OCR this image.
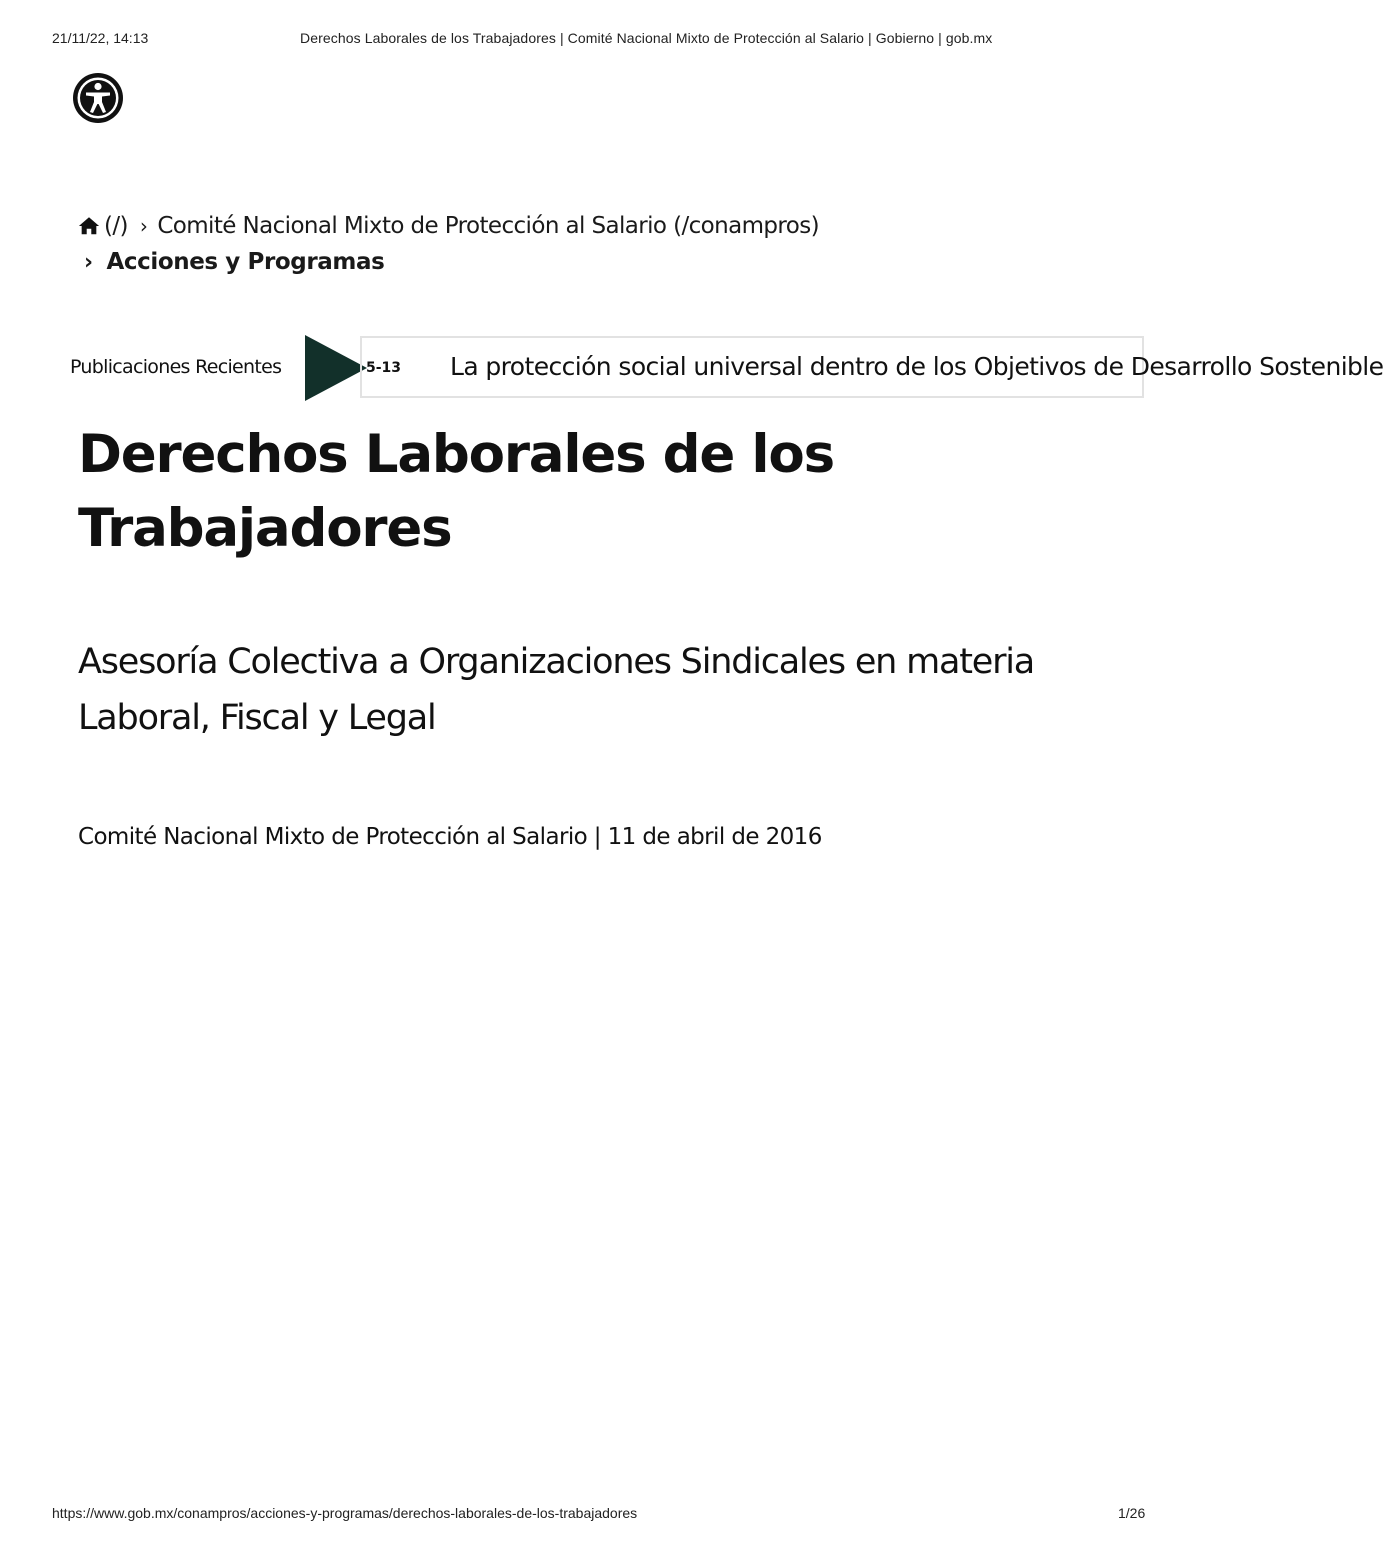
21/11/22, 14:13	Derechos Laborales de los Trabajadores | Comité Nacional Mixto de Protección al Salario | Gobierno | gob.mx
(/) › Comité Nacional Mixto de Protección al Salario (/conampros)
› Acciones y Programas
Publicaciones Recientes	5-13 La protección social universal dentro de los Objetivos de Desarrollo Sostenible
Derechos Laborales de los Trabajadores
Asesoría Colectiva a Organizaciones Sindicales en materia Laboral, Fiscal y Legal
Comité Nacional Mixto de Protección al Salario | 11 de abril de 2016
https://www.gob.mx/conampros/acciones-y-programas/derechos-laborales-de-los-trabajadores	1/26
